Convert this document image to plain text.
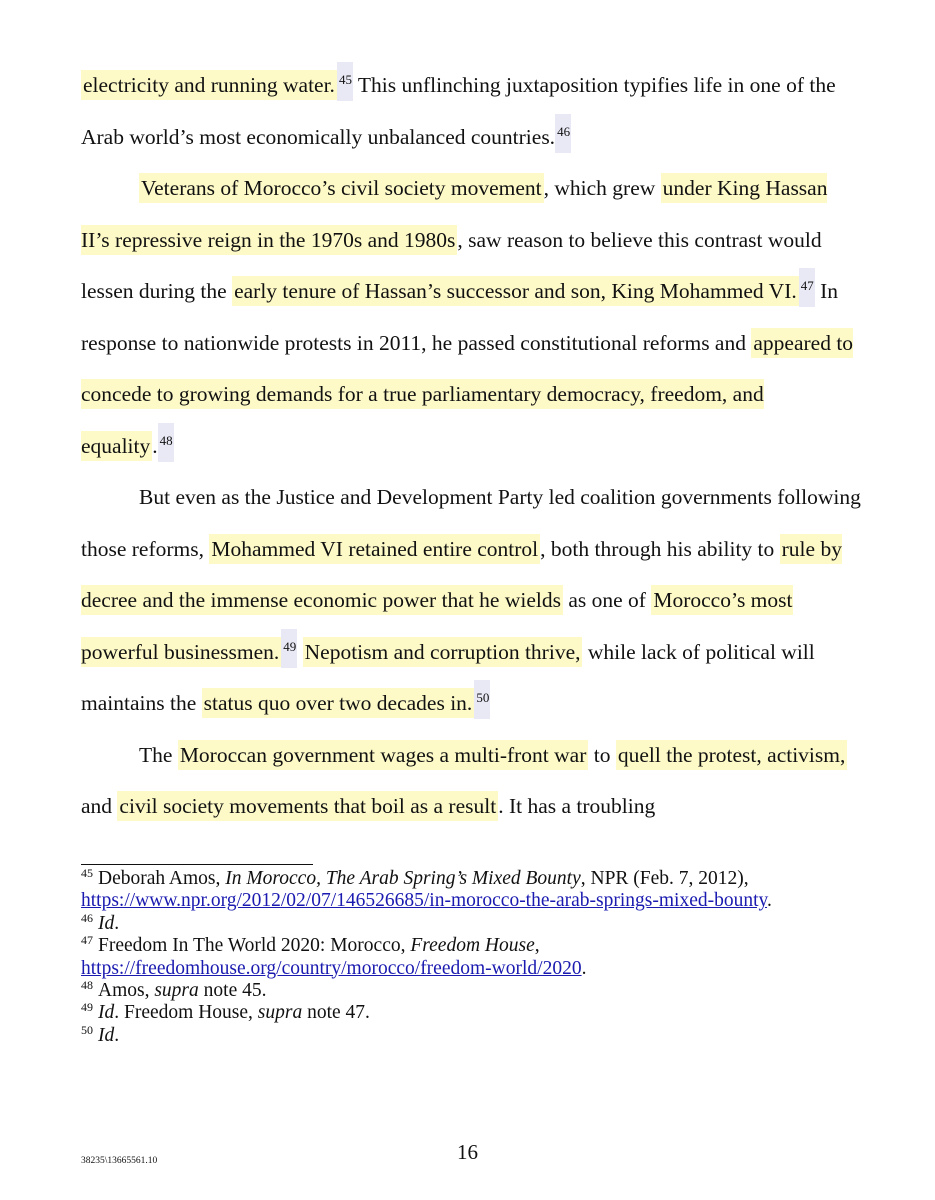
electricity and running water. $^{45}$ This unflinching juxtaposition typifies life in one of the Arab world’s most economically unbalanced countries. $^{46}$

Veterans of Morocco’s civil society movement, which grew under King Hassan II’s repressive reign in the 1970s and 1980s, saw reason to believe this contrast would lessen during the early tenure of Hassan’s successor and son, King Mohammed VI. $^{47}$ In response to nationwide protests in 2011, he passed constitutional reforms and appeared to concede to growing demands for a true parliamentary democracy, freedom, and equality. $^{48}$

But even as the Justice and Development Party led coalition governments following those reforms, Mohammed VI retained entire control, both through his ability to rule by decree and the immense economic power that he wields as one of Morocco’s most powerful businessmen. $^{49}$ Nepotism and corruption thrive, while lack of political will maintains the status quo over two decades in. $^{50}$

The Moroccan government wages a multi-front war to quell the protest, activism, and civil society movements that boil as a result. It has a troubling

$^{45}$ Deborah Amos, In Morocco, The Arab Spring’s Mixed Bounty, NPR (Feb. 7, 2012), https://www.npr.org/2012/02/07/146526685/in-morocco-the-arab-springs-mixed-bounty.

$^{46}$ Id.

$^{47}$ Freedom In The World 2020: Morocco, Freedom House,
https://freedomhouse.org/country/morocco/freedom-world/2020.

$^{48}$ Amos, supra note 45.

$^{49}$ Id. Freedom House, supra note 47.

$^{50}$ Id.

38235\13665561.10	16
